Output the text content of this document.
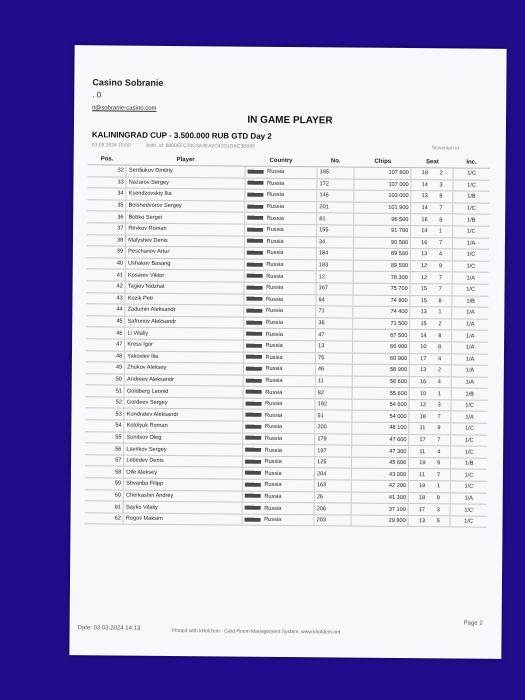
Casino Sobranie
. 0
it@sobranie-casino.com
IN GAME PLAYER
KALININGRAD CUP - 3.500.000 RUB GTD Day 2
03.03.2024 15:00	Auth. id: 6890EFC70C3A3EA2C41D1DAC3B088	Slovenian id
Pos.	Player	Country	No.	Chips	Seat	Inc.
32	Serdiukov Dmitriy	Russia	195	107 800	18 2	1/C
33	Nazarov Sergey	Russia	172	107 000	14 3	1/C
34	Ksendzovskiy Ilia	Russia	146	103 000	13 8	1/B
35	Bolshedvorov Sergey	Russia	201	101 900	14 7	1/C
36	Bobko Sergei	Russia	81	96 500	16 8	1/B
37	Revkov Roman	Russia	155	91 700	14 1	1/C
38	Malyshev Denis	Russia	34	90 500	16 7	1/A
39	Peschanov Artur	Russia	184	89 500	13 4	1/C
40	Ushakov Basang	Russia	183	89 500	12 9	1/C
41	Kosarev Viktor	Russia	12	78 300	12 7	1/A
42	Tagiev Nidzhat	Russia	167	75 700	15 7	1/C
43	Kozik Petr	Russia	94	74 800	15 8	1/B
44	Zadumin Aleksandr	Russia	71	74 400	13 1	1/A
45	Safronov Aleksandr	Russia	36	71 500	15 2	1/A
46	Li Vitaliy	Russia	47	67 500	14 8	1/A
47	Kress Igor	Russia	13	66 900	10 8	1/A
48	Yakovlev Ilia	Russia	75	60 900	17 4	1/A
49	Zhukov Aleksey	Russia	46	58 900	13 2	1/A
50	Andreev Aleksandr	Russia	11	56 600	16 4	1/A
51	Goldberg Leonid	Russia	82	55 600	10 1	1/B
52	Gordeev Sergey	Russia	192	54 600	12 3	1/C
53	Kondratev Aleksandr	Russia	51	54 000	18 7	1/A
54	Kolotyuk Roman	Russia	200	48 100	11 9	1/C
55	Sunitsov Oleg	Russia	179	47 600	17 7	1/C
56	Lavrikov Sergey	Russia	197	47 300	11 4	1/C
57	Lebedev Denis	Russia	125	45 600	19 9	1/B
58	Olle Aleksey	Russia	204	43 000	11 7	1/C
59	Shvanba Filipp	Russia	163	42 200	19 1	1/C
60	Cherkashin Andrey	Russia	26	41 300	18 9	1/A
61	Sayko Vitaliy	Russia	206	37 100	17 3	1/C
62	Rogov Maksim	Russia	203	29 800	13 5	1/C
Date: 03.03.2024 14:13	Printed with kHold'em - Card Room Management System, www.kholdem.net
Page 2
